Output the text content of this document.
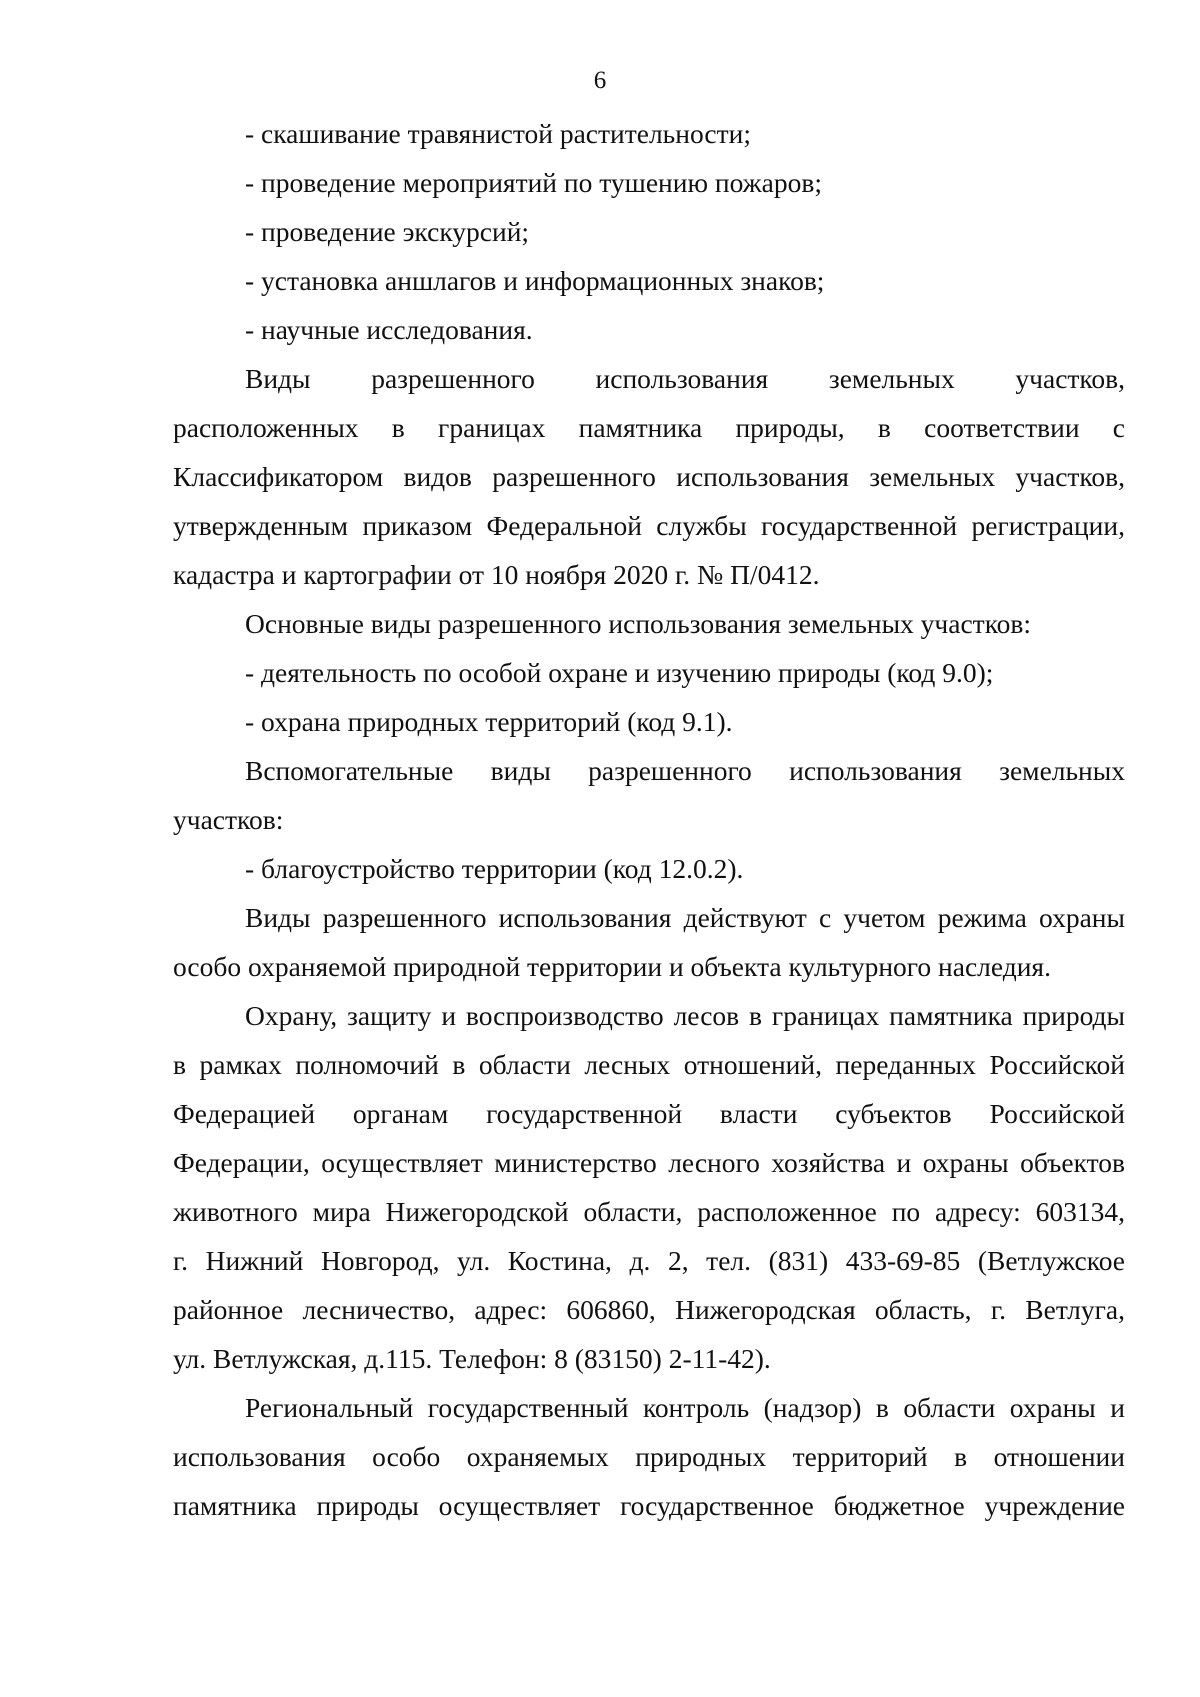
6
- скашивание травянистой растительности;
- проведение мероприятий по тушению пожаров;
- проведение экскурсий;
- установка аншлагов и информационных знаков;
- научные исследования.
Виды разрешенного использования земельных участков,
расположенных в границах памятника природы, в соответствии с
Классификатором видов разрешенного использования земельных участков,
утвержденным приказом Федеральной службы государственной регистрации,
кадастра и картографии от 10 ноября 2020 г. № П/0412.
Основные виды разрешенного использования земельных участков:
- деятельность по особой охране и изучению природы (код 9.0);
- охрана природных территорий (код 9.1).
Вспомогательные виды разрешенного использования земельных
участков:
- благоустройство территории (код 12.0.2).
Виды разрешенного использования действуют с учетом режима охраны
особо охраняемой природной территории и объекта культурного наследия.
Охрану, защиту и воспроизводство лесов в границах памятника природы
в рамках полномочий в области лесных отношений, переданных Российской
Федерацией органам государственной власти субъектов Российской
Федерации, осуществляет министерство лесного хозяйства и охраны объектов
животного мира Нижегородской области, расположенное по адресу: 603134,
г. Нижний Новгород, ул. Костина, д. 2, тел. (831) 433-69-85 (Ветлужское
районное лесничество, адрес: 606860, Нижегородская область, г. Ветлуга,
ул. Ветлужская, д.115. Телефон: 8 (83150) 2-11-42).
Региональный государственный контроль (надзор) в области охраны и
использования особо охраняемых природных территорий в отношении
памятника природы осуществляет государственное бюджетное учреждение
